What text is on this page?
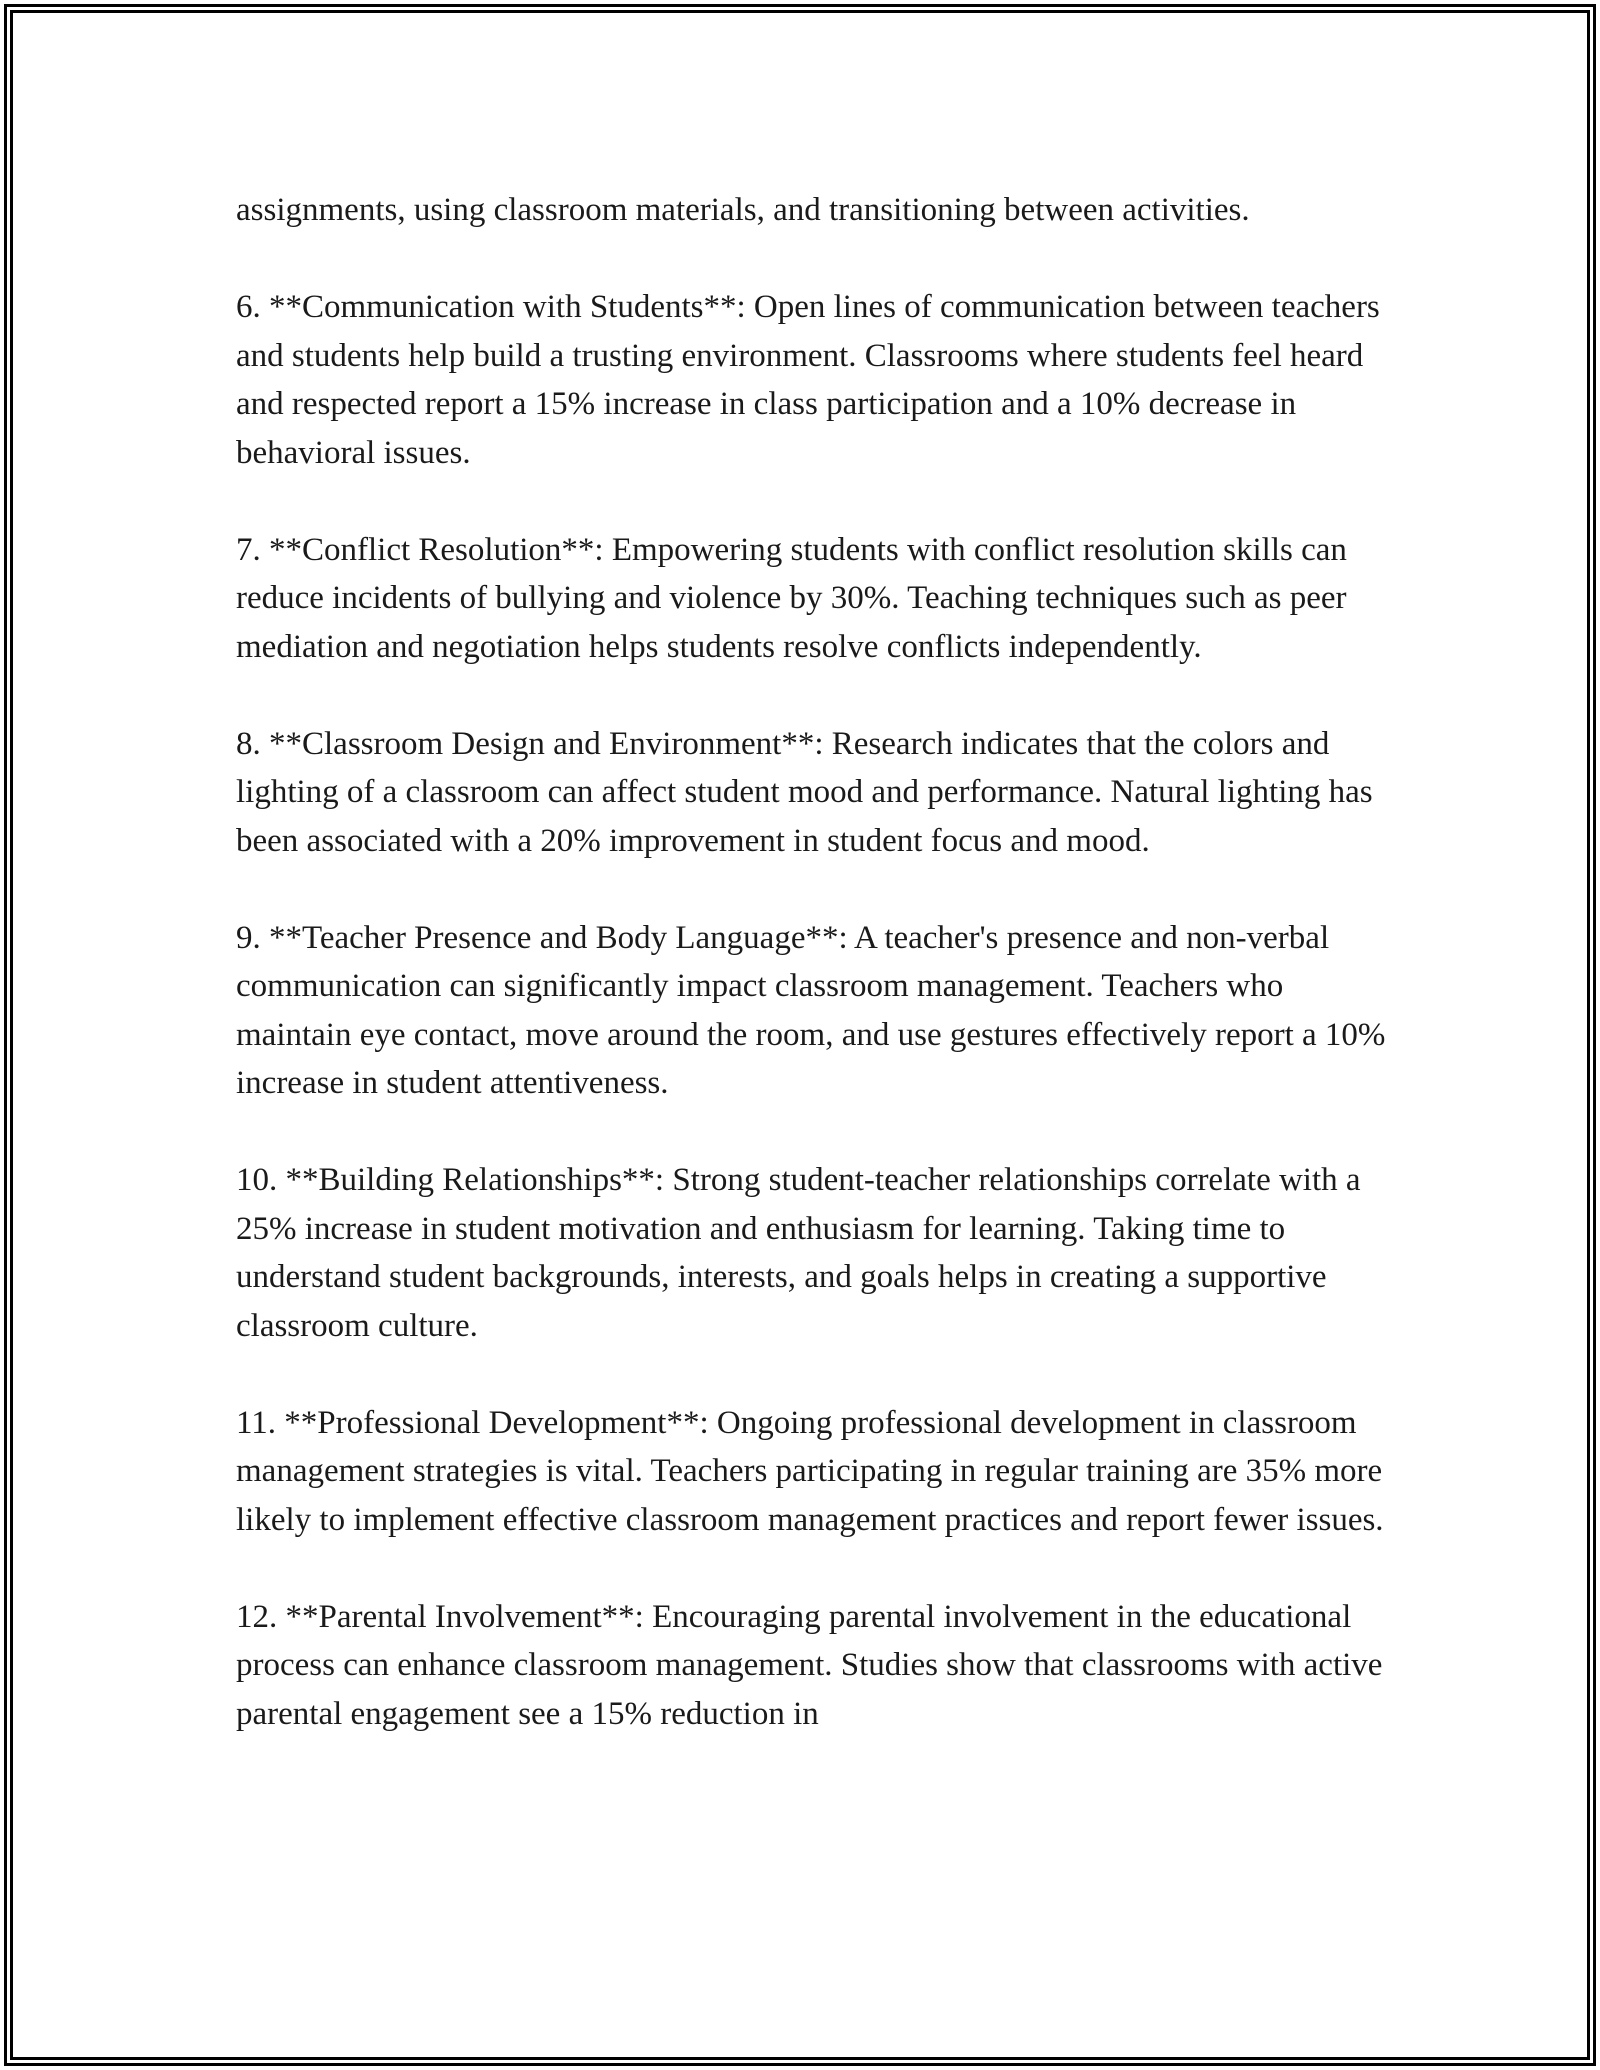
assignments, using classroom materials, and transitioning between activities.

6. **Communication with Students**: Open lines of communication between teachers and students help build a trusting environment. Classrooms where students feel heard and respected report a 15% increase in class participation and a 10% decrease in behavioral issues.

7. **Conflict Resolution**: Empowering students with conflict resolution skills can reduce incidents of bullying and violence by 30%. Teaching techniques such as peer mediation and negotiation helps students resolve conflicts independently.

8. **Classroom Design and Environment**: Research indicates that the colors and lighting of a classroom can affect student mood and performance. Natural lighting has been associated with a 20% improvement in student focus and mood.

9. **Teacher Presence and Body Language**: A teacher's presence and non-verbal communication can significantly impact classroom management. Teachers who maintain eye contact, move around the room, and use gestures effectively report a 10% increase in student attentiveness.

10. **Building Relationships**: Strong student-teacher relationships correlate with a 25% increase in student motivation and enthusiasm for learning. Taking time to understand student backgrounds, interests, and goals helps in creating a supportive classroom culture.

11. **Professional Development**: Ongoing professional development in classroom management strategies is vital. Teachers participating in regular training are 35% more likely to implement effective classroom management practices and report fewer issues.

12. **Parental Involvement**: Encouraging parental involvement in the educational process can enhance classroom management. Studies show that classrooms with active parental engagement see a 15% reduction in
